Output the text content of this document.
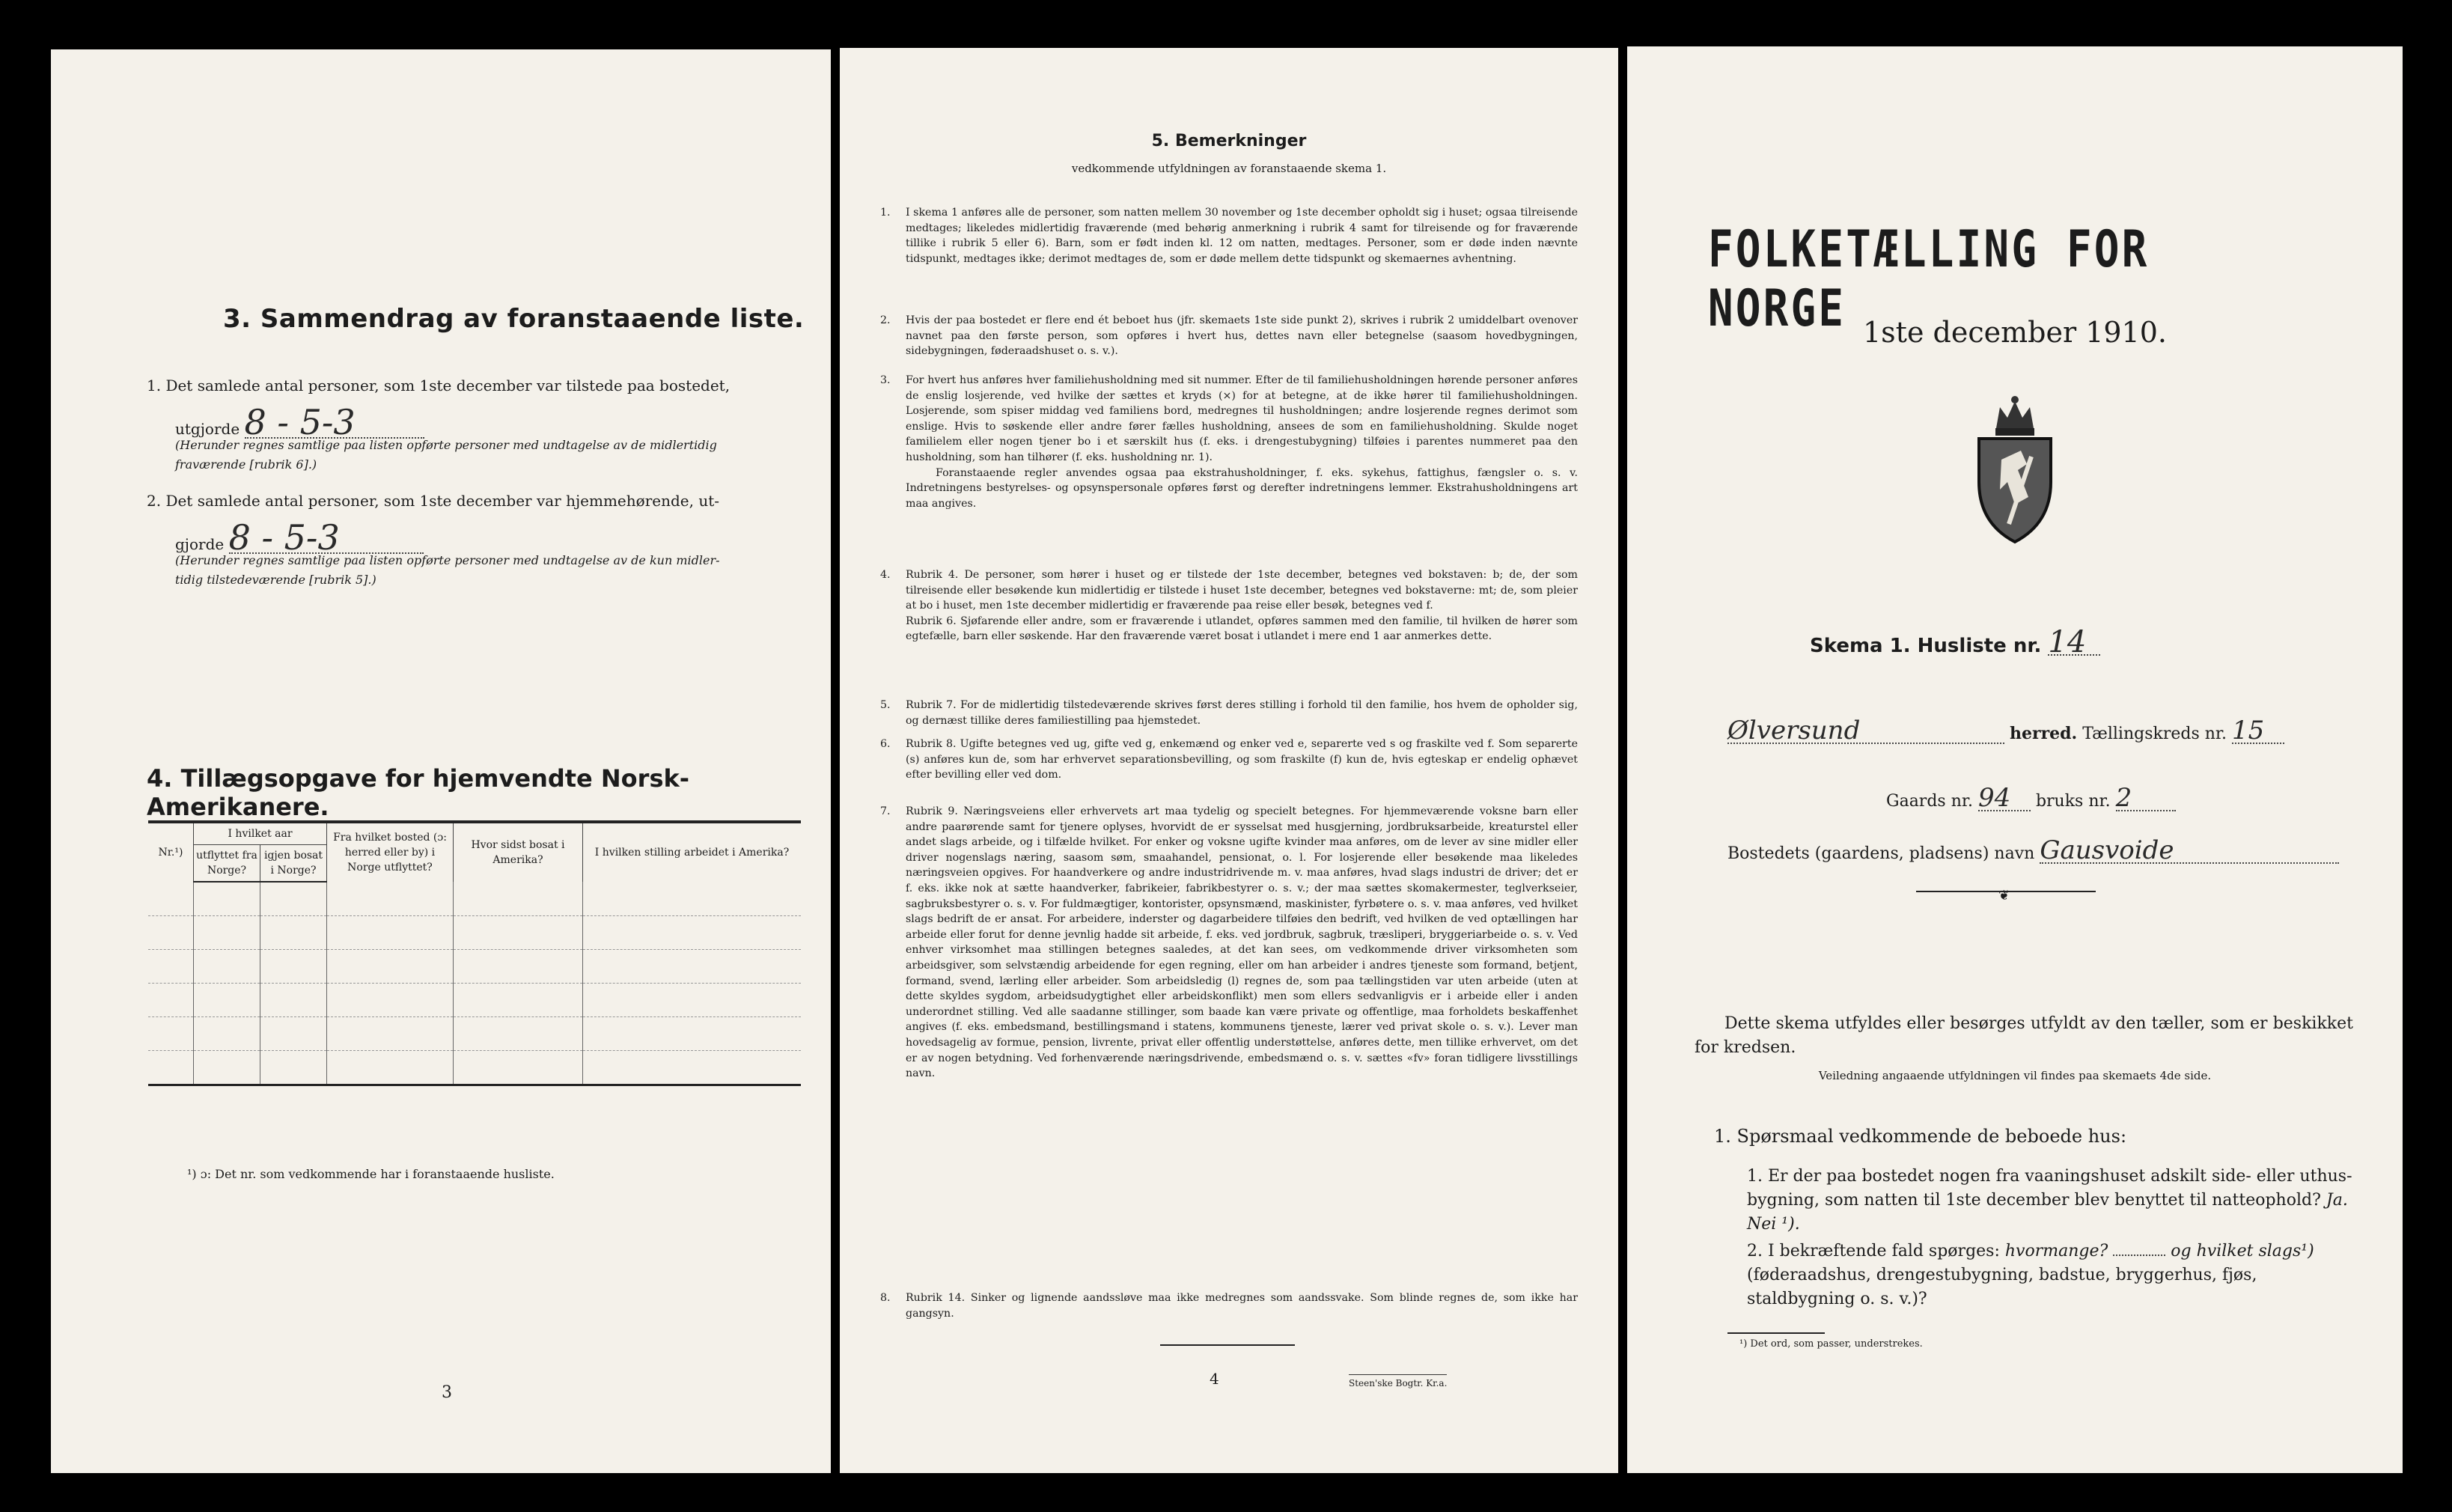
3. Sammendrag av foranstaaende liste.
1. Det samlede antal personer, som 1ste december var tilstede paa bostedet,
utgjorde 8 - 5-3
(Herunder regnes samtlige paa listen opførte personer med undtagelse av de midlertidig
fraværende [rubrik 6].)
2. Det samlede antal personer, som 1ste december var hjemmehørende, ut-
gjorde 8 - 5-3
(Herunder regnes samtlige paa listen opførte personer med undtagelse av de kun midler-
tidig tilstedeværende [rubrik 5].)
4. Tillægsopgave for hjemvendte Norsk-Amerikanere.
Nr.¹)	I hvilket aar		Fra hvilket bosted (ɔ: herred eller by) i Norge utflyttet?	Hvor sidst bosat i Amerika?	I hvilken stilling arbeidet i Amerika?
	utflyttet fra Norge?	igjen bosat i Norge?			

¹) ɔ: Det nr. som vedkommende har i foranstaaende husliste.
3
5. Bemerkninger
vedkommende utfyldningen av foranstaaende skema 1.
1.	I skema 1 anføres alle de personer, som natten mellem 30 november og 1ste december opholdt sig i huset; ogsaa tilreisende medtages; likeledes midlertidig fraværende (med behørig anmerkning i rubrik 4 samt for tilreisende og for fraværende tillike i rubrik 5 eller 6). Barn, som er født inden kl. 12 om natten, medtages. Personer, som er døde inden nævnte tidspunkt, medtages ikke; derimot medtages de, som er døde mellem dette tidspunkt og skemaernes avhentning.
2.	Hvis der paa bostedet er flere end ét beboet hus (jfr. skemaets 1ste side punkt 2), skrives i rubrik 2 umiddelbart ovenover navnet paa den første person, som opføres i hvert hus, dettes navn eller betegnelse (saasom hovedbygningen, sidebygningen, føderaadshuset o. s. v.).
3.	For hvert hus anføres hver familiehusholdning med sit nummer. Efter de til familiehusholdningen hørende personer anføres de enslig losjerende, ved hvilke der sættes et kryds (×) for at betegne, at de ikke hører til familiehusholdningen. Losjerende, som spiser middag ved familiens bord, medregnes til husholdningen; andre losjerende regnes derimot som enslige. Hvis to søskende eller andre fører fælles husholdning, ansees de som en familiehusholdning. Skulde noget familielem eller nogen tjener bo i et særskilt hus (f. eks. i drengestubygning) tilføies i parentes nummeret paa den husholdning, som han tilhører (f. eks. husholdning nr. 1).
Foranstaaende regler anvendes ogsaa paa ekstrahusholdninger, f. eks. sykehus, fattighus, fængsler o. s. v. Indretningens bestyrelses- og opsynspersonale opføres først og derefter indretningens lemmer. Ekstrahusholdningens art maa angives.
4.	Rubrik 4. De personer, som hører i huset og er tilstede der 1ste december, betegnes ved bokstaven: b; de, der som tilreisende eller besøkende kun midlertidig er tilstede i huset 1ste december, betegnes ved bokstaverne: mt; de, som pleier at bo i huset, men 1ste december midlertidig er fraværende paa reise eller besøk, betegnes ved f.
Rubrik 6. Sjøfarende eller andre, som er fraværende i utlandet, opføres sammen med den familie, til hvilken de hører som egtefælle, barn eller søskende. Har den fraværende været bosat i utlandet i mere end 1 aar anmerkes dette.
5.	Rubrik 7. For de midlertidig tilstedeværende skrives først deres stilling i forhold til den familie, hos hvem de opholder sig, og dernæst tillike deres familiestilling paa hjemstedet.
6.	Rubrik 8. Ugifte betegnes ved ug, gifte ved g, enkemænd og enker ved e, separerte ved s og fraskilte ved f. Som separerte (s) anføres kun de, som har erhvervet separationsbevilling, og som fraskilte (f) kun de, hvis egteskap er endelig ophævet efter bevilling eller ved dom.
7.	Rubrik 9. Næringsveiens eller erhvervets art maa tydelig og specielt betegnes. For hjemmeværende voksne barn eller andre paarørende samt for tjenere oplyses, hvorvidt de er sysselsat med husgjerning, jordbruksarbeide, kreaturstel eller andet slags arbeide, og i tilfælde hvilket. For enker og voksne ugifte kvinder maa anføres, om de lever av sine midler eller driver nogenslags næring, saasom søm, smaahandel, pensionat, o. l. For losjerende eller besøkende maa likeledes næringsveien opgives. For haandverkere og andre industridrivende m. v. maa anføres, hvad slags industri de driver; det er f. eks. ikke nok at sætte haandverker, fabrikeier, fabrikbestyrer o. s. v.; der maa sættes skomakermester, teglverkseier, sagbruksbestyrer o. s. v. For fuldmægtiger, kontorister, opsynsmænd, maskinister, fyrbøtere o. s. v. maa anføres, ved hvilket slags bedrift de er ansat. For arbeidere, inderster og dagarbeidere tilføies den bedrift, ved hvilken de ved optællingen har arbeide eller forut for denne jevnlig hadde sit arbeide, f. eks. ved jordbruk, sagbruk, træsliperi, bryggeriarbeide o. s. v. Ved enhver virksomhet maa stillingen betegnes saaledes, at det kan sees, om vedkommende driver virksomheten som arbeidsgiver, som selvstændig arbeidende for egen regning, eller om han arbeider i andres tjeneste som formand, betjent, formand, svend, lærling eller arbeider. Som arbeidsledig (l) regnes de, som paa tællingstiden var uten arbeide (uten at dette skyldes sygdom, arbeidsudygtighet eller arbeidskonflikt) men som ellers sedvanligvis er i arbeide eller i anden underordnet stilling. Ved alle saadanne stillinger, som baade kan være private og offentlige, maa forholdets beskaffenhet angives (f. eks. embedsmand, bestillingsmand i statens, kommunens tjeneste, lærer ved privat skole o. s. v.). Lever man hovedsagelig av formue, pension, livrente, privat eller offentlig understøttelse, anføres dette, men tillike erhvervet, om det er av nogen betydning. Ved forhenværende næringsdrivende, embedsmænd o. s. v. sættes «fv» foran tidligere livsstillings navn.
8.	Rubrik 14. Sinker og lignende aandssløve maa ikke medregnes som aandssvake. Som blinde regnes de, som ikke har gangsyn.
4	Steen'ske Bogtr. Kr.a.
FOLKETÆLLING FOR NORGE 1ste december 1910.
Skema 1. Husliste nr. 14
Ølversund	herred. Tællingskreds nr. 15
Gaards nr. 94 bruks nr. 2
Bostedets (gaardens, pladsens) navn Gausvoide
❦
Dette skema utfyldes eller besørges utfyldt av den tæller, som er beskikket for kredsen.
Veiledning angaaende utfyldningen vil findes paa skemaets 4de side.
1. Spørsmaal vedkommende de beboede hus:
1. Er der paa bostedet nogen fra vaaningshuset adskilt side- eller uthus-bygning, som natten til 1ste december blev benyttet til natteophold? Ja. Nei ¹).
2. I bekræftende fald spørges: hvormange?	og hvilket slags¹)
(føderaadshus, drengestubygning, badstue, bryggerhus, fjøs, staldbygning o. s. v.)?
¹) Det ord, som passer, understrekes.
